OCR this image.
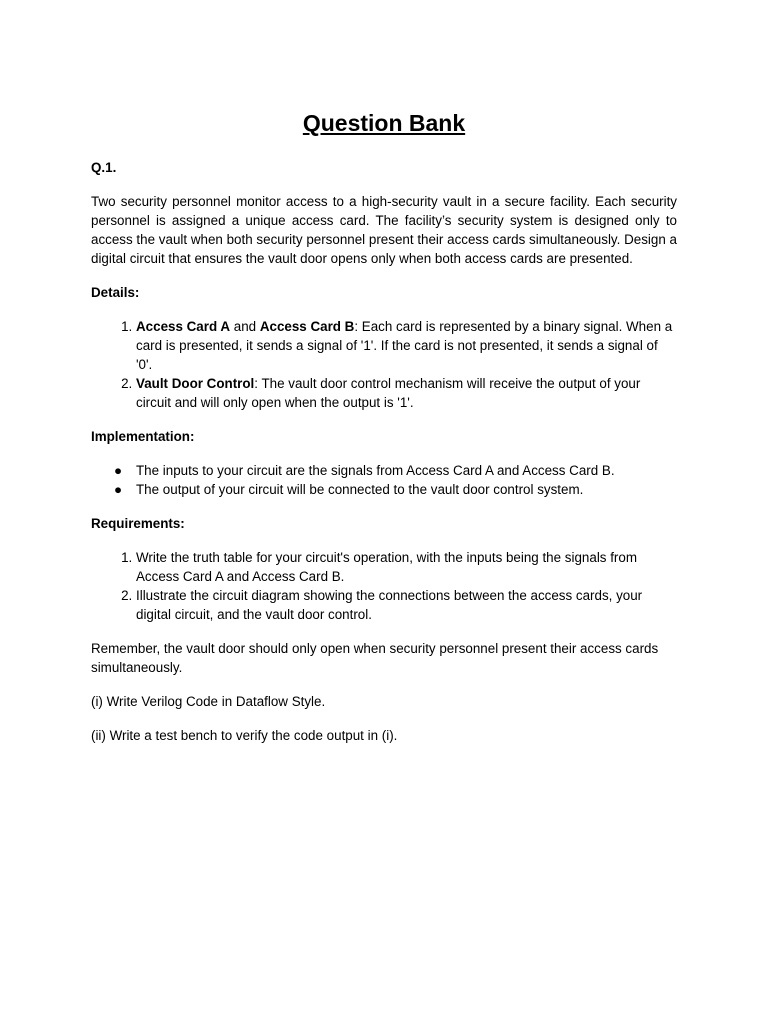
Question Bank
Q.1.

Two security personnel monitor access to a high-security vault in a secure facility. Each security personnel is assigned a unique access card. The facility’s security system is designed only to access the vault when both security personnel present their access cards simultaneously. Design a digital circuit that ensures the vault door opens only when both access cards are presented.

Details:
1. Access Card A and Access Card B: Each card is represented by a binary signal. When a card is presented, it sends a signal of '1'. If the card is not presented, it sends a signal of '0'.
2. Vault Door Control: The vault door control mechanism will receive the output of your circuit and will only open when the output is '1'.
Implementation:
● The inputs to your circuit are the signals from Access Card A and Access Card B.
● The output of your circuit will be connected to the vault door control system.
Requirements:
1. Write the truth table for your circuit's operation, with the inputs being the signals from Access Card A and Access Card B.
2. Illustrate the circuit diagram showing the connections between the access cards, your digital circuit, and the vault door control.

Remember, the vault door should only open when security personnel present their access cards simultaneously.

(i) Write Verilog Code in Dataflow Style.

(ii) Write a test bench to verify the code output in (i).
